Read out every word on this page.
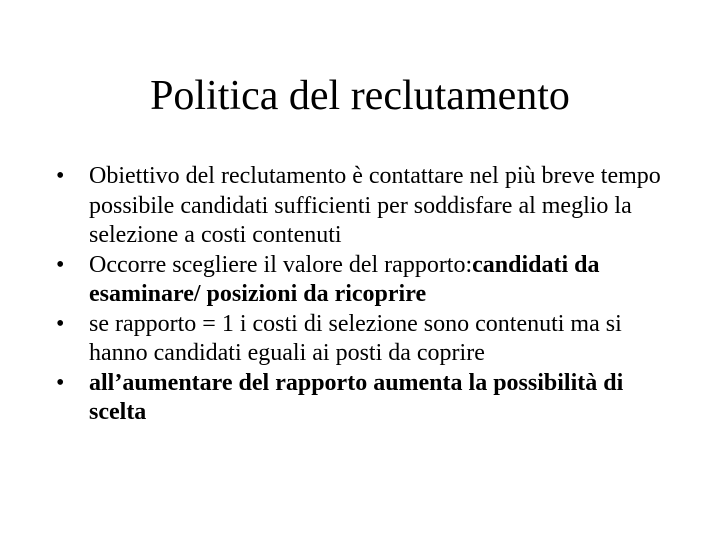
Politica del reclutamento
• Obiettivo del reclutamento è contattare nel più breve tempo possibile candidati sufficienti per soddisfare al meglio la selezione a costi contenuti
• Occorre scegliere il valore del rapporto:candidati da esaminare/ posizioni da ricoprire
• se rapporto = 1 i costi di selezione sono contenuti ma si hanno candidati eguali ai posti da coprire
• all’aumentare del rapporto aumenta la possibilità di scelta
